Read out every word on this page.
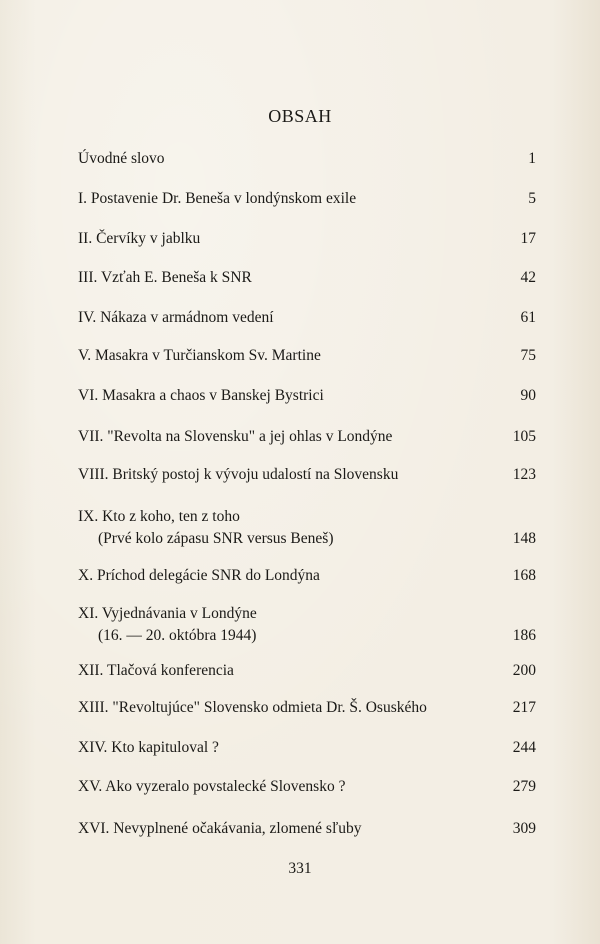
OBSAH
Úvodné slovo	1
I. Postavenie Dr. Beneša v londýnskom exile	5
II. Červíky v jablku	17
III. Vzťah E. Beneša k SNR	42
IV. Nákaza v armádnom vedení	61
V. Masakra v Turčianskom Sv. Martine	75
VI. Masakra a chaos v Banskej Bystrici	90
VII. "Revolta na Slovensku" a jej ohlas v Londýne	105
VIII. Britský postoj k vývoju udalostí na Slovensku	123
IX. Kto z koho, ten z toho
(Prvé kolo zápasu SNR versus Beneš)	148
X. Príchod delegácie SNR do Londýna	168
XI. Vyjednávania v Londýne
(16. — 20. októbra 1944)	186
XII. Tlačová konferencia	200
XIII. "Revoltujúce" Slovensko odmieta Dr. Š. Osuského	217
XIV. Kto kapituloval ?	244
XV. Ako vyzeralo povstalecké Slovensko ?	279
XVI. Nevyplnené očakávania, zlomené sľuby	309
331
